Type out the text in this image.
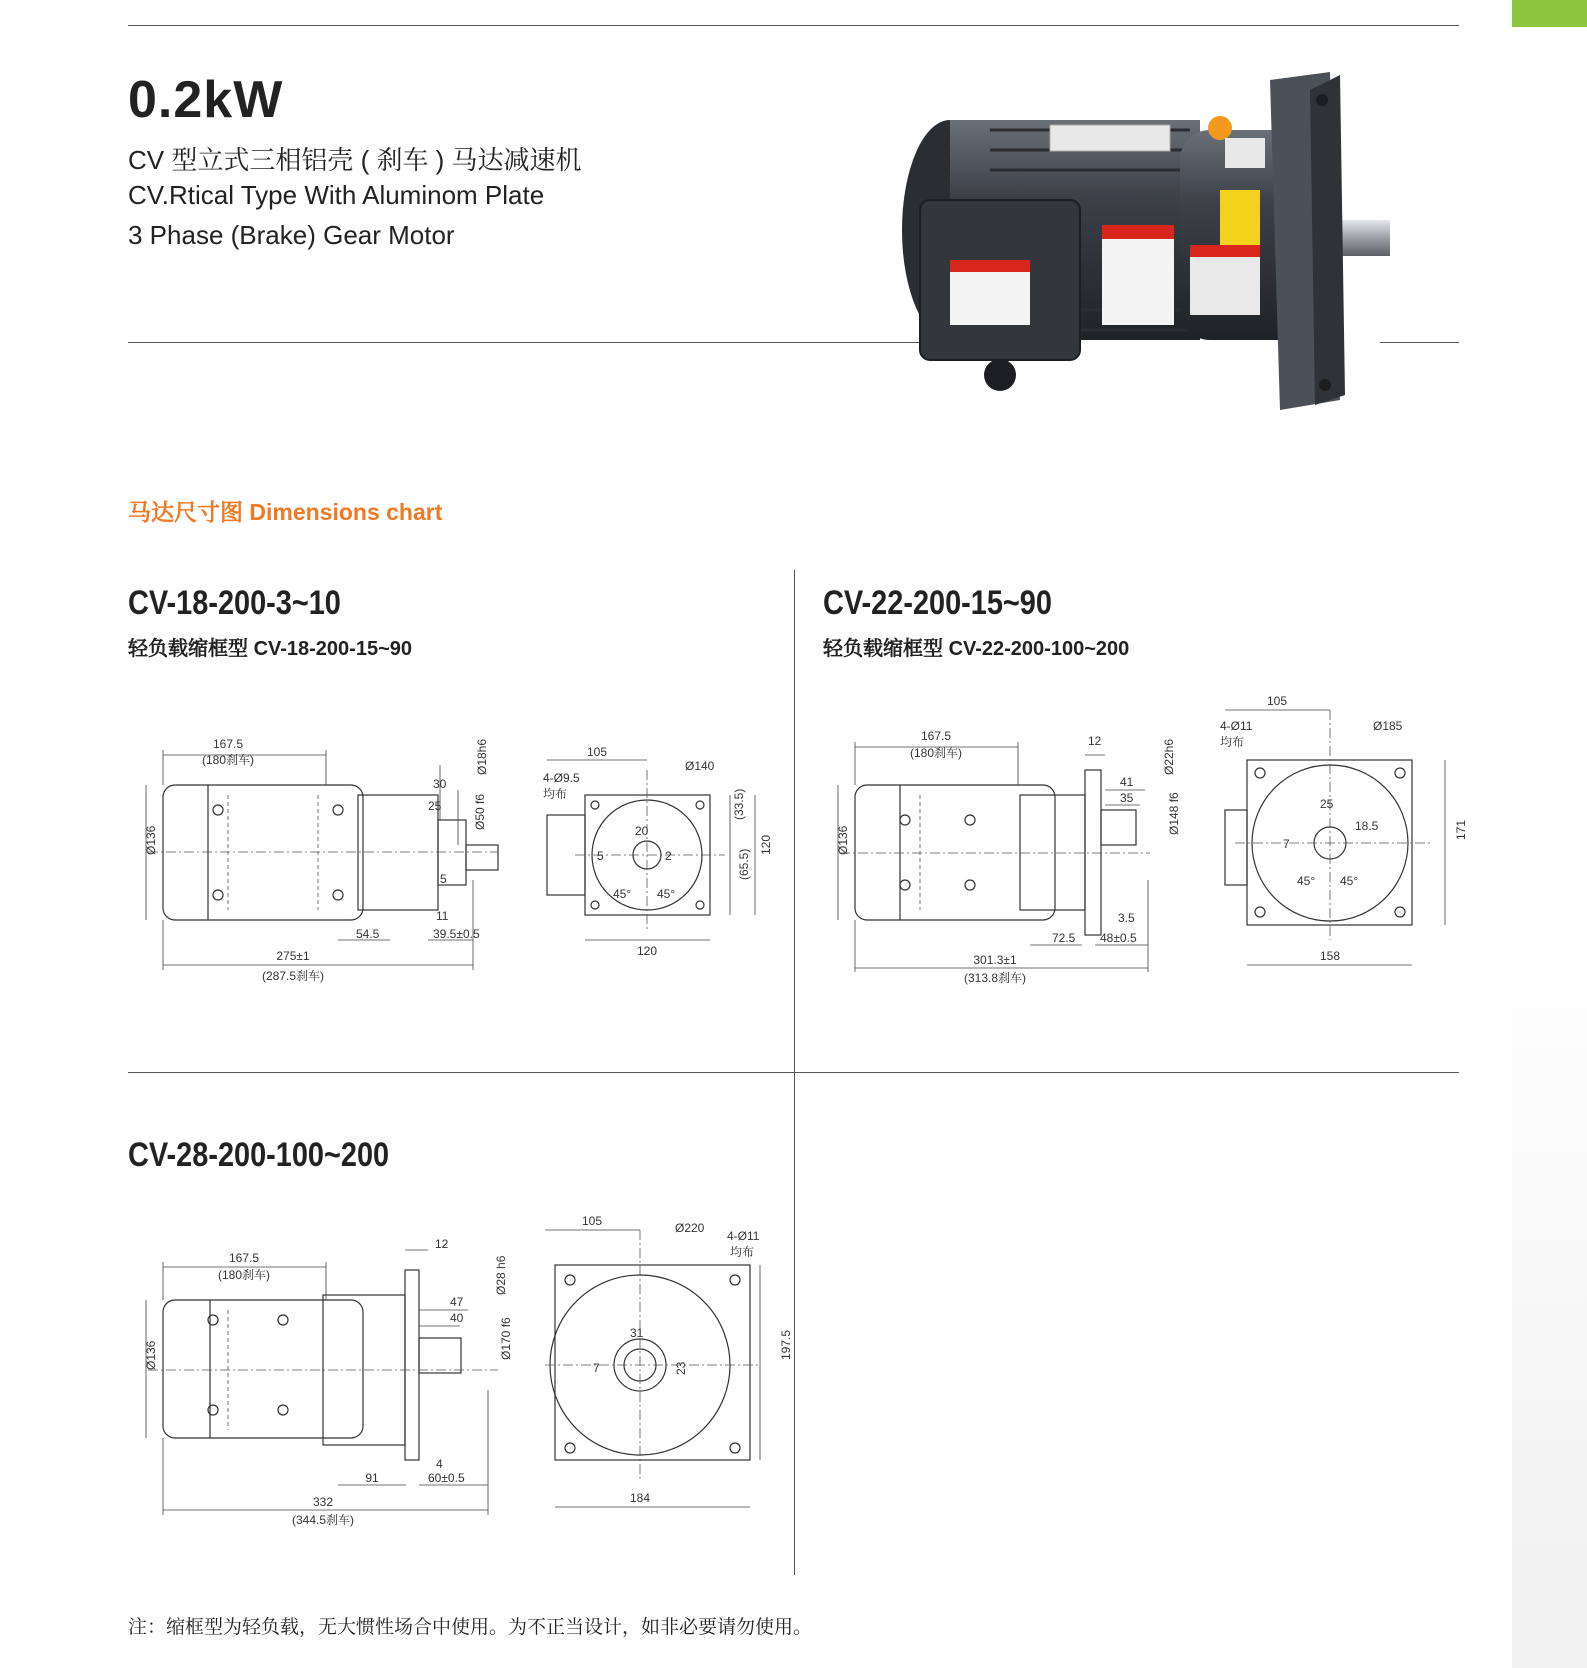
0.2kW
CV 型立式三相铝壳 ( 刹车 ) 马达减速机
CV.Rtical Type With Aluminom Plate
3 Phase (Brake) Gear Motor
马达尺寸图 Dimensions chart
CV-18-200-3~10
轻负载缩框型 CV-18-200-15~90
167.5
(180刹车)
Ø136
30
25
Ø18h6
Ø50 f6
5
11
54.5	39.5±0.5
275±1
(287.5刹车)
105
4-Ø9.5
均布
Ø140
20
5	2
(33.5)
(65.5)
120
120
45° 45°
CV-22-200-15~90
轻负载缩框型 CV-22-200-100~200
167.5
(180刹车)
Ø136
12
41
35
Ø22h6
Ø148 f6
3.5
72.5 48±0.5
301.3±1
(313.8刹车)
105
4-Ø11
均布
Ø185
25
18.5
7
171
158
45° 45°
CV-28-200-100~200
167.5
(180刹车)
Ø136
12
47
40
Ø28 h6
Ø170 f6
4
91	60±0.5
332
(344.5刹车)
105
4-Ø11
均布
Ø220
31
7	23
197.5
184
注：缩框型为轻负载，无大惯性场合中使用。为不正当设计，如非必要请勿使用。
